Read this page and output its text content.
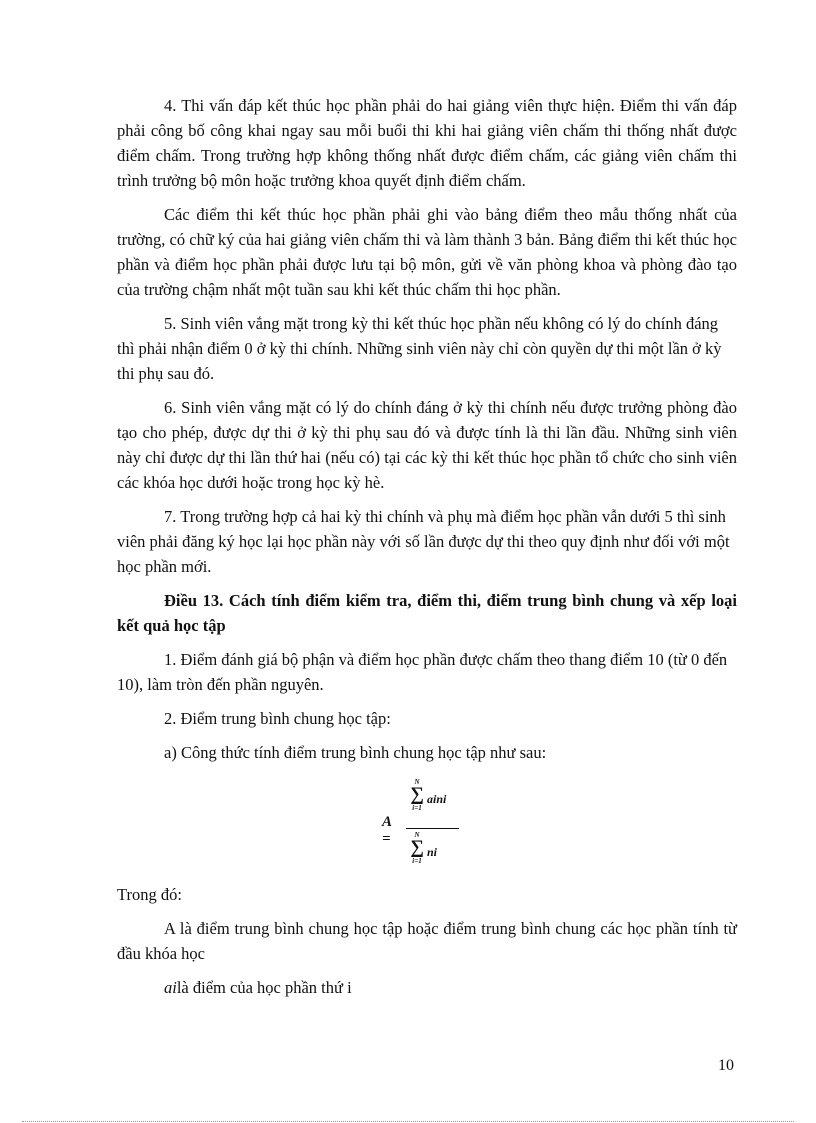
4. Thi vấn đáp kết thúc học phần phải do hai giảng viên thực hiện. Điểm thi vấn đáp phải công bố công khai ngay sau mỗi buổi thi khi hai giảng viên chấm thi thống nhất được điểm chấm. Trong trường hợp không thống nhất được điểm chấm, các giảng viên chấm thi trình trưởng bộ môn hoặc trưởng khoa quyết định điểm chấm.

Các điểm thi kết thúc học phần phải ghi vào bảng điểm theo mẫu thống nhất của trường, có chữ ký của hai giảng viên chấm thi và làm thành 3 bản. Bảng điểm thi kết thúc học phần và điểm học phần phải được lưu tại bộ môn, gửi về văn phòng khoa và phòng đào tạo của trường chậm nhất một tuần sau khi kết thúc chấm thi học phần.

5. Sinh viên vắng mặt trong kỳ thi kết thúc học phần nếu không có lý do chính đáng thì phải nhận điểm 0 ở kỳ thi chính. Những sinh viên này chỉ còn quyền dự thi một lần ở kỳ thi phụ sau đó.

6. Sinh viên vắng mặt có lý do chính đáng ở kỳ thi chính nếu được trưởng phòng đào tạo cho phép, được dự thi ở kỳ thi phụ sau đó và được tính là thi lần đầu. Những sinh viên này chỉ được dự thi lần thứ hai (nếu có) tại các kỳ thi kết thúc học phần tổ chức cho sinh viên các khóa học dưới hoặc trong học kỳ hè.

7. Trong trường hợp cả hai kỳ thi chính và phụ mà điểm học phần vẫn dưới 5 thì sinh viên phải đăng ký học lại học phần này với số lần được dự thi theo quy định như đối với một học phần mới.

Điều 13. Cách tính điểm kiểm tra, điểm thi, điểm trung bình chung và xếp loại kết quả học tập

1. Điểm đánh giá bộ phận và điểm học phần được chấm theo thang điểm 10 (từ 0 đến 10), làm tròn đến phần nguyên.

2. Điểm trung bình chung học tập:

a) Công thức tính điểm trung bình chung học tập như sau:

A =
N
∑
i=1
aini
N
∑
i=1
ni

Trong đó:

A là điểm trung bình chung học tập hoặc điểm trung bình chung các học phần tính từ đầu khóa học

ailà điểm của học phần thứ i

10
